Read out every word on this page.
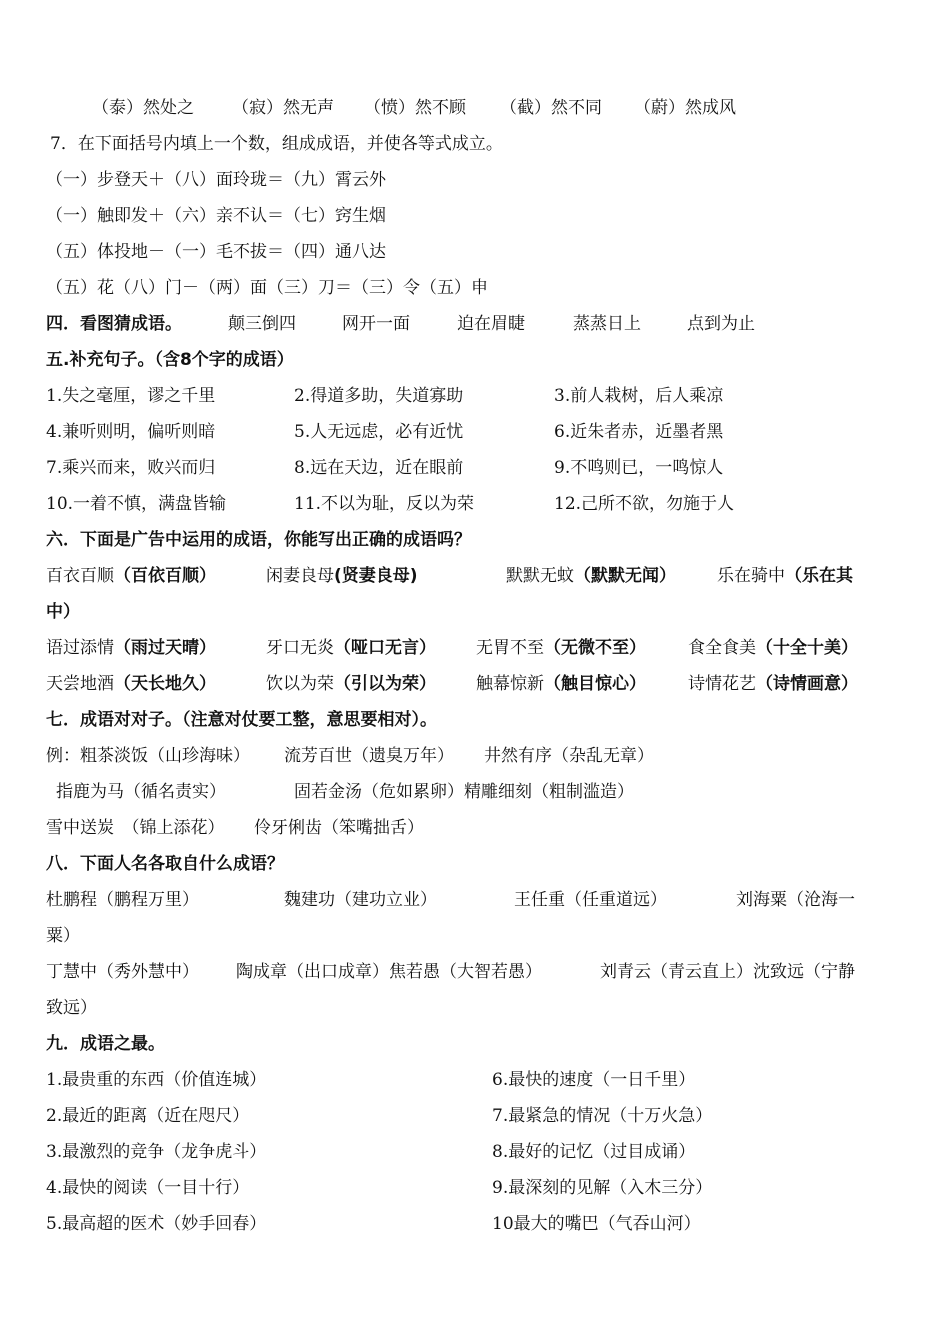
（泰）然处之 （寂）然无声 （愤）然不顾 （截）然不同 （蔚）然成风
7．在下面括号内填上一个数，组成成语，并使各等式成立。
（一）步登天＋（八）面玲珑＝（九）霄云外
（一）触即发＋（六）亲不认＝（七）窍生烟
（五）体投地－（一）毛不拔＝（四）通八达
（五）花（八）门－（两）面（三）刀＝（三）令（五）申
四．看图猜成语。	颠三倒四	网开一面	迫在眉睫	蒸蒸日上	点到为止
五.补充句子。（含8个字的成语）
1.失之毫厘，谬之千里	2.得道多助，失道寡助	3.前人栽树，后人乘凉
4.兼听则明，偏听则暗	5.人无远虑，必有近忧	6.近朱者赤，近墨者黑
7.乘兴而来，败兴而归	8.远在天边，近在眼前	9.不鸣则已，一鸣惊人
10.一着不慎，满盘皆输	11.不以为耻，反以为荣	12.己所不欲，勿施于人
六．下面是广告中运用的成语，你能写出正确的成语吗？
百衣百顺（百依百顺）	闲妻良母(贤妻良母)	默默无蚊（默默无闻） 乐在骑中（乐在其
中）
语过添情（雨过天晴）	牙口无炎（哑口无言） 无胃不至（无微不至） 食全食美（十全十美）
天尝地酒（天长地久）	饮以为荣（引以为荣） 触幕惊新（触目惊心） 诗情花艺（诗情画意）
七．成语对对子。（注意对仗要工整，意思要相对）。
例：粗茶淡饭（山珍海味） 流芳百世（遗臭万年） 井然有序（杂乱无章）
指鹿为马（循名责实）	固若金汤（危如累卵）精雕细刻（粗制滥造）
雪中送炭　（锦上添花） 伶牙俐齿（笨嘴拙舌）
八．下面人名各取自什么成语？
杜鹏程（鹏程万里）	魏建功（建功立业）	王任重（任重道远）	刘海粟（沧海一
粟）
丁慧中（秀外慧中） 陶成章（出口成章）焦若愚（大智若愚）	刘青云（青云直上）沈致远（宁静
致远）
九．成语之最。
1.最贵重的东西（价值连城）	6.最快的速度（一日千里）
2.最近的距离（近在咫尺）	7.最紧急的情况（十万火急）
3.最激烈的竞争（龙争虎斗）	8.最好的记忆（过目成诵）
4.最快的阅读（一目十行）	9.最深刻的见解（入木三分）
5.最高超的医术（妙手回春）	10最大的嘴巴（气吞山河）
